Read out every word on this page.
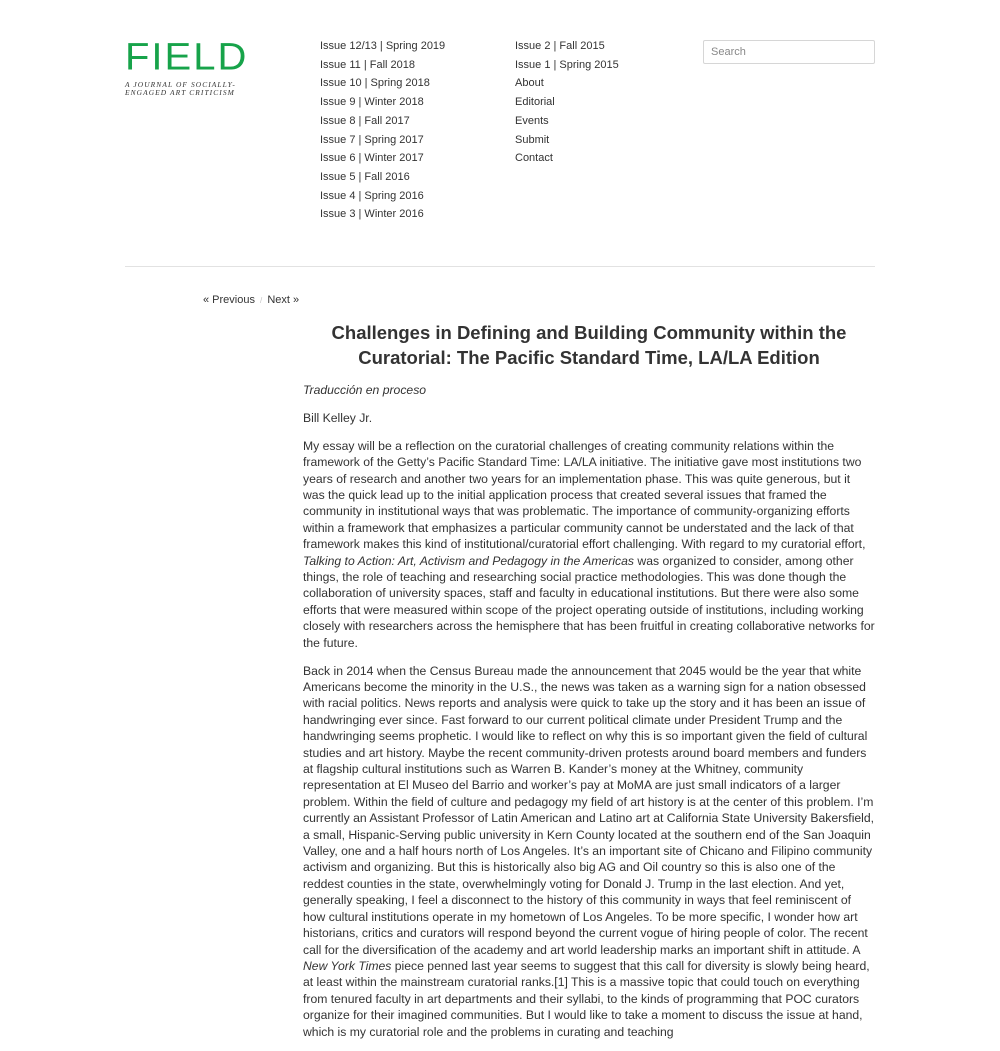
FIELD
A JOURNAL OF SOCIALLY-
ENGAGED ART CRITICISM
Issue 12/13 | Spring 2019
Issue 11 | Fall 2018
Issue 10 | Spring 2018
Issue 9 | Winter 2018
Issue 8 | Fall 2017
Issue 7 | Spring 2017
Issue 6 | Winter 2017
Issue 5 | Fall 2016
Issue 4 | Spring 2016
Issue 3 | Winter 2016
Issue 2 | Fall 2015
Issue 1 | Spring 2015
About
Editorial
Events
Submit
Contact
Search
« Previous / Next »
Challenges in Defining and Building Community within the Curatorial: The Pacific Standard Time, LA/LA Edition

Traducción en proceso

Bill Kelley Jr.

My essay will be a reflection on the curatorial challenges of creating community relations within the framework of the Getty’s Pacific Standard Time: LA/LA initiative. The initiative gave most institutions two years of research and another two years for an implementation phase. This was quite generous, but it was the quick lead up to the initial application process that created several issues that framed the community in institutional ways that was problematic. The importance of community-organizing efforts within a framework that emphasizes a particular community cannot be understated and the lack of that framework makes this kind of institutional/curatorial effort challenging. With regard to my curatorial effort, Talking to Action: Art, Activism and Pedagogy in the Americas was organized to consider, among other things, the role of teaching and researching social practice methodologies. This was done though the collaboration of university spaces, staff and faculty in educational institutions. But there were also some efforts that were measured within scope of the project operating outside of institutions, including working closely with researchers across the hemisphere that has been fruitful in creating collaborative networks for the future.

Back in 2014 when the Census Bureau made the announcement that 2045 would be the year that white Americans become the minority in the U.S., the news was taken as a warning sign for a nation obsessed with racial politics. News reports and analysis were quick to take up the story and it has been an issue of handwringing ever since. Fast forward to our current political climate under President Trump and the handwringing seems prophetic. I would like to reflect on why this is so important given the field of cultural studies and art history. Maybe the recent community-driven protests around board members and funders at flagship cultural institutions such as Warren B. Kander’s money at the Whitney, community representation at El Museo del Barrio and worker’s pay at MoMA are just small indicators of a larger problem. Within the field of culture and pedagogy my field of art history is at the center of this problem. I’m currently an Assistant Professor of Latin American and Latino art at California State University Bakersfield, a small, Hispanic-Serving public university in Kern County located at the southern end of the San Joaquin Valley, one and a half hours north of Los Angeles. It’s an important site of Chicano and Filipino community activism and organizing. But this is historically also big AG and Oil country so this is also one of the reddest counties in the state, overwhelmingly voting for Donald J. Trump in the last election. And yet, generally speaking, I feel a disconnect to the history of this community in ways that feel reminiscent of how cultural institutions operate in my hometown of Los Angeles. To be more specific, I wonder how art historians, critics and curators will respond beyond the current vogue of hiring people of color. The recent call for the diversification of the academy and art world leadership marks an important shift in attitude. A New York Times piece penned last year seems to suggest that this call for diversity is slowly being heard, at least within the mainstream curatorial ranks.[1] This is a massive topic that could touch on everything from tenured faculty in art departments and their syllabi, to the kinds of programming that POC curators organize for their imagined communities. But I would like to take a moment to discuss the issue at hand, which is my curatorial role and the problems in curating and teaching
